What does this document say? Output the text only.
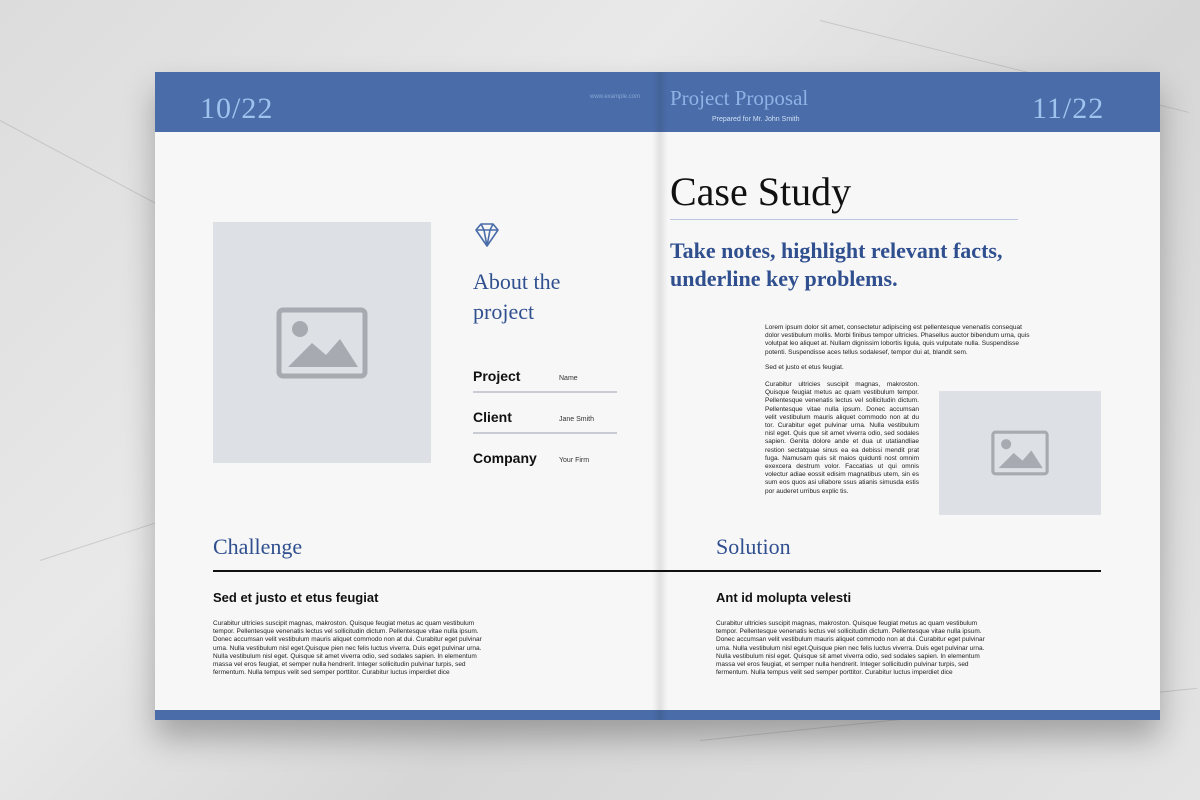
10/22	www.example.com Project Proposal
Prepared for Mr. John Smith	11/22
About the project
Project	Name
Client	Jane Smith
Company	Your Firm
Case Study
Take notes, highlight relevant facts, underline key problems.

Lorem ipsum dolor sit amet, consectetur adipiscing est pellentesque venenatis consequat dolor vestibulum mollis. Morbi finibus tempor ultricies. Phasellus auctor bibendum urna, quis volutpat leo aliquet at. Nullam dignissim lobortis ligula, quis vulputate nulla. Suspendisse potenti. Suspendisse aces tellus sodalesef, tempor dui at, blandit sem.

Sed et justo et etus feugiat.

Curabitur ultricies suscipit magnas, makroston. Quisque feugiat metus ac quam vestibulum tempor. Pellentesque venenatis lectus vel sollicitudin dictum. Pellentesque vitae nulla ipsum. Donec accumsan velit vestibulum mauris aliquet commodo non at du tor. Curabitur eget pulvinar urna. Nulla vestibulum nisl eget. Quis que sit amet viverra odio, sed sodales sapien. Genita dolore ande et dua ut utatiandliae restion sectatquae sinus ea ea debissi mendit prat fuga. Namusam quis sit maios quidunti nost omnim exexcera destrum volor. Faccatias ut qui omnis volectur adiae eossit edisim magnatibus utem, sin es sum eos quos asi ullabore ssus atianis simusda estis por auderet urribus explic tis.

Challenge	Solution
Sed et justo et etus feugiat

Curabitur ultricies suscipit magnas, makroston. Quisque feugiat metus ac quam vestibulum tempor. Pellentesque venenatis lectus vel sollicitudin dictum. Pellentesque vitae nulla ipsum. Donec accumsan velit vestibulum mauris aliquet commodo non at dui. Curabitur eget pulvinar urna. Nulla vestibulum nisl eget.Quisque pien nec felis luctus viverra. Duis eget pulvinar urna. Nulla vestibulum nisl eget. Quisque sit amet viverra odio, sed sodales sapien. In elementum massa vel eros feugiat, et semper nulla hendrerit. Integer sollicitudin pulvinar turpis, sed fermentum. Nulla tempus velit sed semper porttitor. Curabitur luctus imperdiet dice

Ant id molupta velesti

Curabitur ultricies suscipit magnas, makroston. Quisque feugiat metus ac quam vestibulum tempor. Pellentesque venenatis lectus vel sollicitudin dictum. Pellentesque vitae nulla ipsum. Donec accumsan velit vestibulum mauris aliquet commodo non at dui. Curabitur eget pulvinar urna. Nulla vestibulum nisl eget.Quisque pien nec felis luctus viverra. Duis eget pulvinar urna. Nulla vestibulum nisl eget. Quisque sit amet viverra odio, sed sodales sapien. In elementum massa vel eros feugiat, et semper nulla hendrerit. Integer sollicitudin pulvinar turpis, sed fermentum. Nulla tempus velit sed semper porttitor. Curabitur luctus imperdiet dice
